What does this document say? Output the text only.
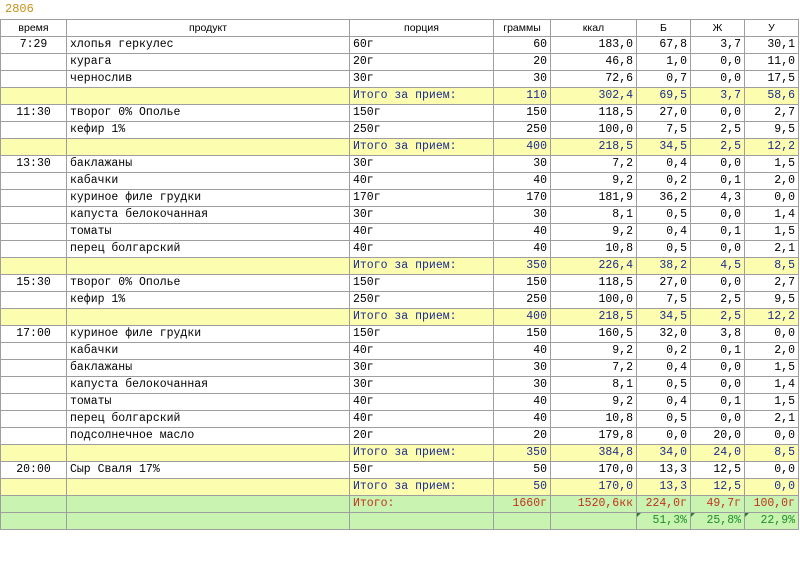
2806
время	продукт	порция	граммы	ккал	Б	Ж	У
7:29	хлопья геркулес	60г	60	183,0	67,8	3,7	30,1
	курага	20г	20	46,8	1,0	0,0	11,0
	чернослив	30г	30	72,6	0,7	0,0	17,5
		Итого за прием:	110	302,4	69,5	3,7	58,6
11:30	творог 0% Ополье	150г	150	118,5	27,0	0,0	2,7
	кефир 1%	250г	250	100,0	7,5	2,5	9,5
		Итого за прием:	400	218,5	34,5	2,5	12,2
13:30	баклажаны	30г	30	7,2	0,4	0,0	1,5
	кабачки	40г	40	9,2	0,2	0,1	2,0
	куриное филе грудки	170г	170	181,9	36,2	4,3	0,0
	капуста белокочанная	30г	30	8,1	0,5	0,0	1,4
	томаты	40г	40	9,2	0,4	0,1	1,5
	перец болгарский	40г	40	10,8	0,5	0,0	2,1
		Итого за прием:	350	226,4	38,2	4,5	8,5
15:30	творог 0% Ополье	150г	150	118,5	27,0	0,0	2,7
	кефир 1%	250г	250	100,0	7,5	2,5	9,5
		Итого за прием:	400	218,5	34,5	2,5	12,2
17:00	куриное филе грудки	150г	150	160,5	32,0	3,8	0,0
	кабачки	40г	40	9,2	0,2	0,1	2,0
	баклажаны	30г	30	7,2	0,4	0,0	1,5
	капуста белокочанная	30г	30	8,1	0,5	0,0	1,4
	томаты	40г	40	9,2	0,4	0,1	1,5
	перец болгарский	40г	40	10,8	0,5	0,0	2,1
	подсолнечное масло	20г	20	179,8	0,0	20,0	0,0
		Итого за прием:	350	384,8	34,0	24,0	8,5
20:00	Сыр Сваля 17%	50г	50	170,0	13,3	12,5	0,0
		Итого за прием:	50	170,0	13,3	12,5	0,0
		Итого:	1660г	1520,6кк	224,0г	49,7г	100,0г
					51,3%	25,8%	22,9%
